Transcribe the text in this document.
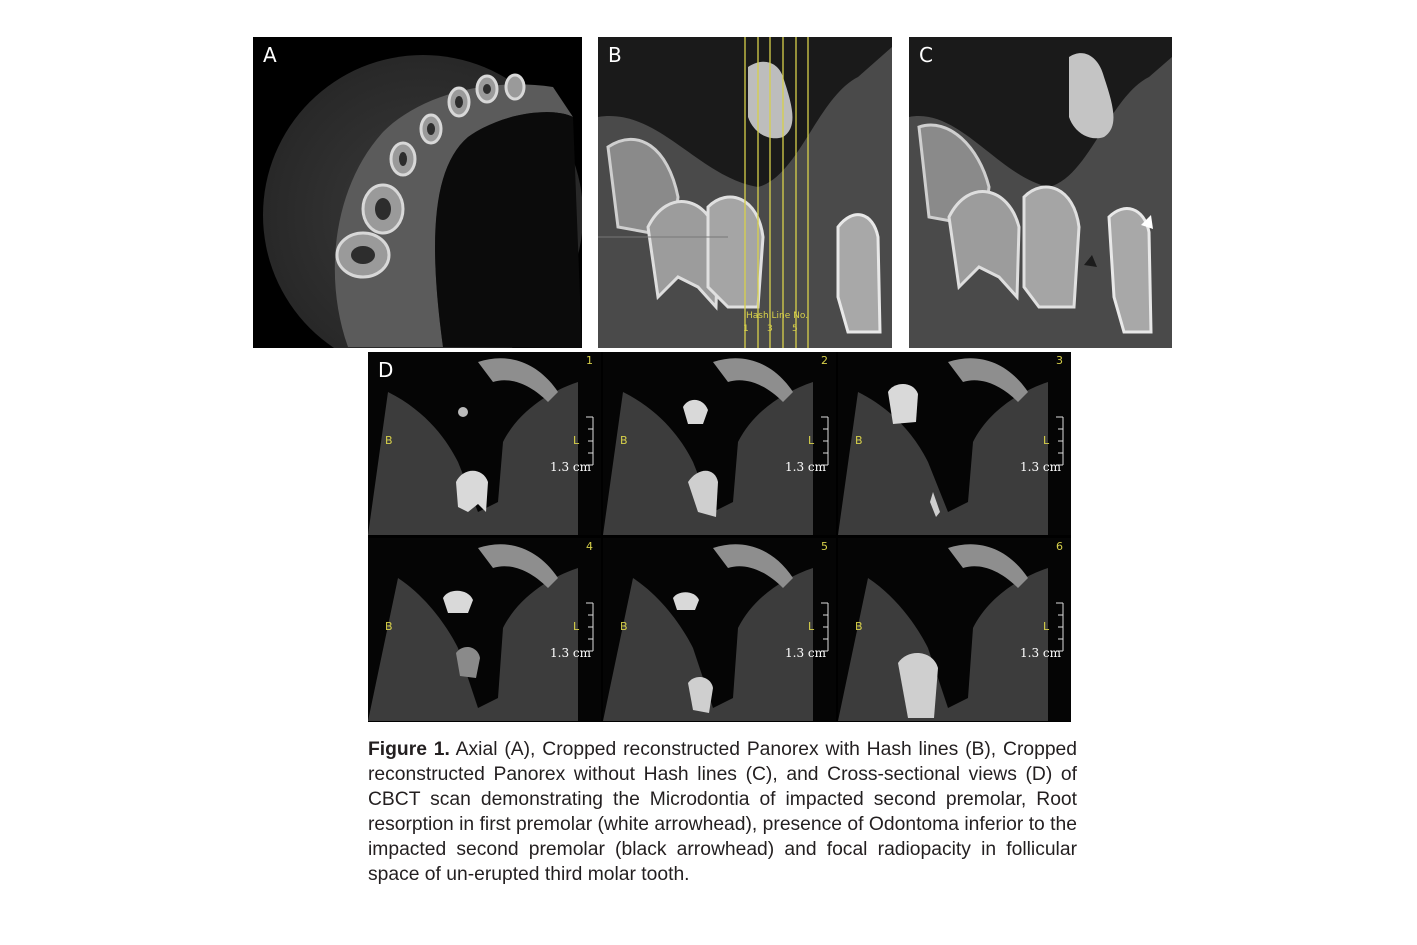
A	B
Hash Line No.
1 3 5
C
D	1
B	L
1.3 cm
2
B	L
1.3 cm
3
B	L
1.3 cm
4
B	L
1.3 cm
5
B	L
1.3 cm
6
B	L
1.3 cm
Figure 1. Axial (A), Cropped reconstructed Panorex with Hash lines (B), Cropped reconstructed Panorex without Hash lines (C), and Cross-sectional views (D) of CBCT scan demonstrating the Microdontia of impacted second premolar, Root resorption in first premolar (white arrowhead), presence of Odontoma inferior to the impacted second premolar (black arrowhead) and focal radiopacity in follicular space of un-erupted third molar tooth.
